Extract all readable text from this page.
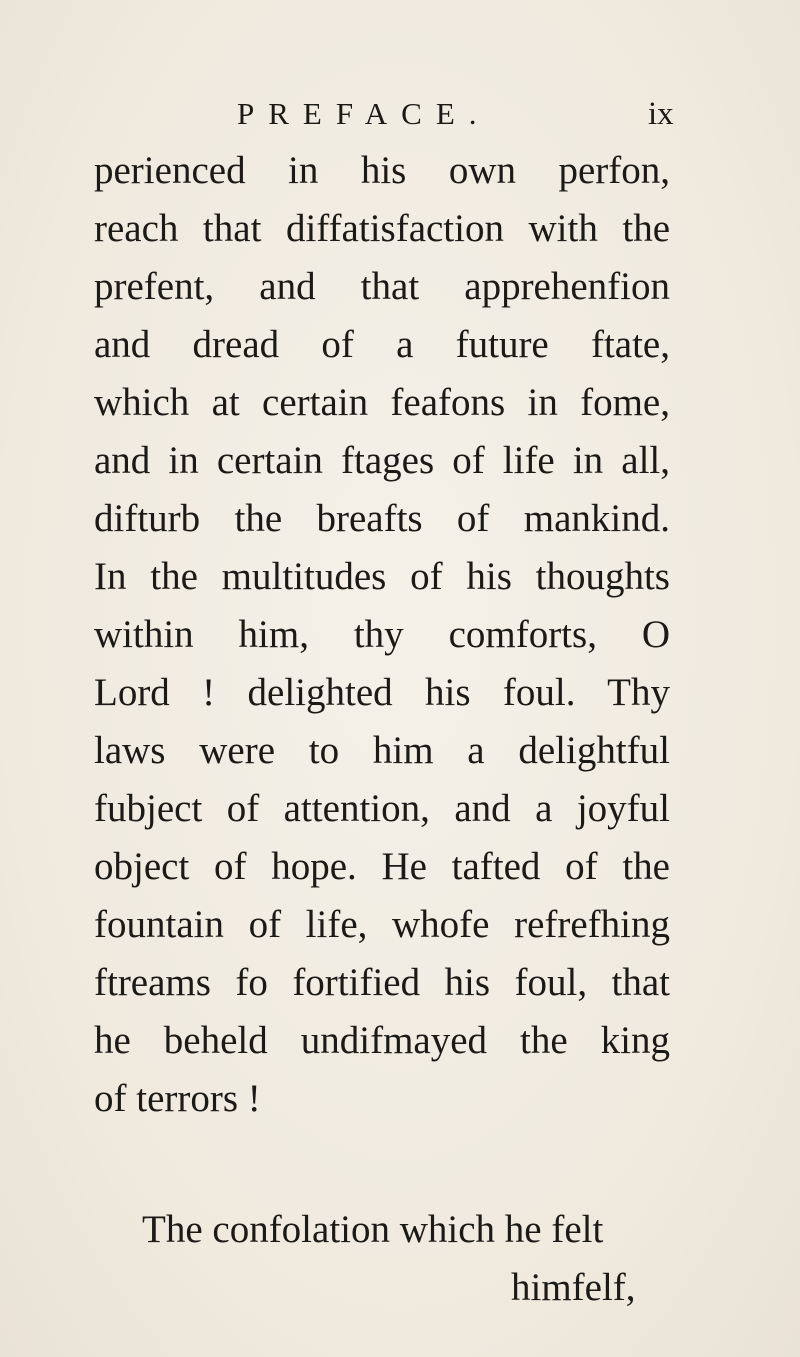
PREFACE.	ix
perienced in his own perfon,
reach that diffatisfaction with the
prefent, and that apprehenfion
and dread of a future ftate,
which at certain feafons in fome,
and in certain ftages of life in all,
difturb the breafts of mankind.
In the multitudes of his thoughts
within him, thy comforts, O
Lord ! delighted his foul. Thy
laws were to him a delightful
fubject of attention, and a joyful
object of hope. He tafted of the
fountain of life, whofe refrefhing
ftreams fo fortified his foul, that
he beheld undifmayed the king
of terrors !
The confolation which he felt
himfelf,
